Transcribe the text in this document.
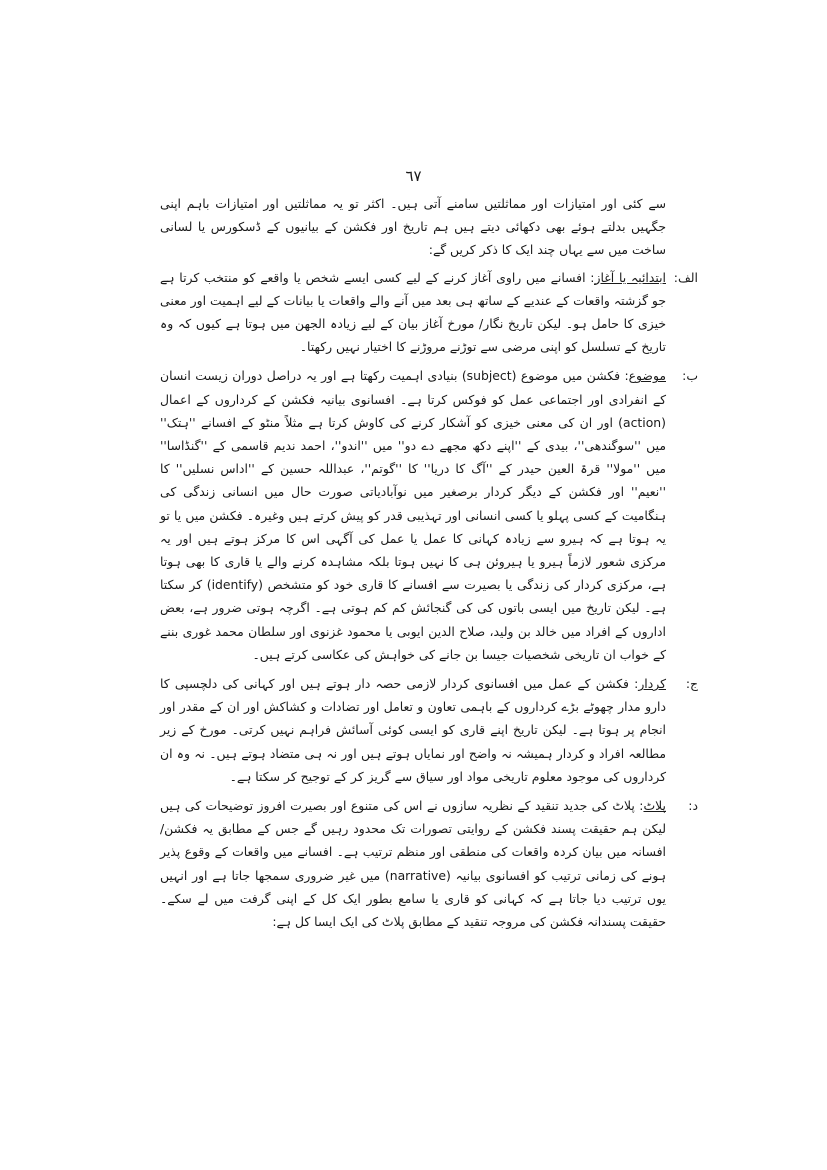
٦٧

سے کئی اور امتیازات اور مماثلتیں سامنے آتی ہیں۔ اکثر تو یہ مماثلتیں اور امتیازات باہم اپنی جگہیں بدلتے ہوئے بھی دکھائی دیتے ہیں ہم تاریخ اور فکشن کے بیانیوں کے ڈسکورس یا لسانی ساخت میں سے یہاں چند ایک کا ذکر کریں گے:

الف:

ابتدائیہ یا آغاز: افسانے میں راوی آغاز کرنے کے لیے کسی ایسے شخص یا واقعے کو منتخب کرتا ہے جو گزشتہ واقعات کے عندیے کے ساتھ ہی بعد میں آنے والے واقعات یا بیانات کے لیے اہمیت اور معنی خیزی کا حامل ہو۔ لیکن تاریخ نگار/ مورخ آغاز بیان کے لیے زیادہ الجھن میں ہوتا ہے کیوں کہ وہ تاریخ کے تسلسل کو اپنی مرضی سے توڑنے مروڑنے کا اختیار نہیں رکھتا۔

ب:

موضوع: فکشن میں موضوع (subject) بنیادی اہمیت رکھتا ہے اور یہ دراصل دوران زیست انسان کے انفرادی اور اجتماعی عمل کو فوکس کرتا ہے۔ افسانوی بیانیہ فکشن کے کرداروں کے اعمال (action) اور ان کی معنی خیزی کو آشکار کرنے کی کاوش کرتا ہے مثلاً منٹو کے افسانے ''ہتک'' میں ''سوگندھی''، بیدی کے ''اپنے دکھ مجھے دے دو'' میں ''اندو''، احمد ندیم قاسمی کے ''گنڈاسا'' میں ''مولا'' قرۃ العین حیدر کے ''آگ کا دریا'' کا ''گوتم''، عبداللہ حسین کے ''اداس نسلیں'' کا ''نعیم'' اور فکشن کے دیگر کردار برصغیر میں نوآبادیاتی صورت حال میں انسانی زندگی کی ہنگامیت کے کسی پہلو یا کسی انسانی اور تہذیبی قدر کو پیش کرتے ہیں وغیرہ۔ فکشن میں یا تو یہ ہوتا ہے کہ ہیرو سے زیادہ کہانی کا عمل یا عمل کی آگہی اس کا مرکز ہوتے ہیں اور یہ مرکزی شعور لازماً ہیرو یا ہیروئن ہی کا نہیں ہوتا بلکہ مشاہدہ کرنے والے یا قاری کا بھی ہوتا ہے، مرکزی کردار کی زندگی یا بصیرت سے افسانے کا قاری خود کو متشخص (identify) کر سکتا ہے۔ لیکن تاریخ میں ایسی باتوں کی کی گنجائش کم کم ہوتی ہے۔ اگرچہ ہوتی ضرور ہے، بعض اداروں کے افراد میں خالد بن ولید، صلاح الدین ایوبی یا محمود غزنوی اور سلطان محمد غوری بننے کے خواب ان تاریخی شخصیات جیسا بن جانے کی خواہش کی عکاسی کرتے ہیں۔

ج:

کردار: فکشن کے عمل میں افسانوی کردار لازمی حصہ دار ہوتے ہیں اور کہانی کی دلچسپی کا دارو مدار چھوٹے بڑے کرداروں کے باہمی تعاون و تعامل اور تضادات و کشاکش اور ان کے مقدر اور انجام پر ہوتا ہے۔ لیکن تاریخ اپنے قاری کو ایسی کوئی آسائش فراہم نہیں کرتی۔ مورخ کے زیر مطالعہ افراد و کردار ہمیشہ نہ واضح اور نمایاں ہوتے ہیں اور نہ ہی متضاد ہوتے ہیں۔ نہ وہ ان کرداروں کی موجود معلوم تاریخی مواد اور سیاق سے گریز کر کے توجیح کر سکتا ہے۔

د:

پلاٹ: پلاٹ کی جدید تنقید کے نظریہ سازوں نے اس کی متنوع اور بصیرت افروز توضیحات کی ہیں لیکن ہم حقیقت پسند فکشن کے روایتی تصورات تک محدود رہیں گے جس کے مطابق یہ فکشن/ افسانہ میں بیان کردہ واقعات کی منطقی اور منظم ترتیب ہے۔ افسانے میں واقعات کے وقوع پذیر ہونے کی زمانی ترتیب کو افسانوی بیانیہ (narrative) میں غیر ضروری سمجھا جاتا ہے اور انہیں یوں ترتیب دیا جاتا ہے کہ کہانی کو قاری یا سامع بطور ایک کل کے اپنی گرفت میں لے سکے۔ حقیقت پسندانہ فکشن کی مروجہ تنقید کے مطابق پلاٹ کی ایک ایسا کل ہے:
